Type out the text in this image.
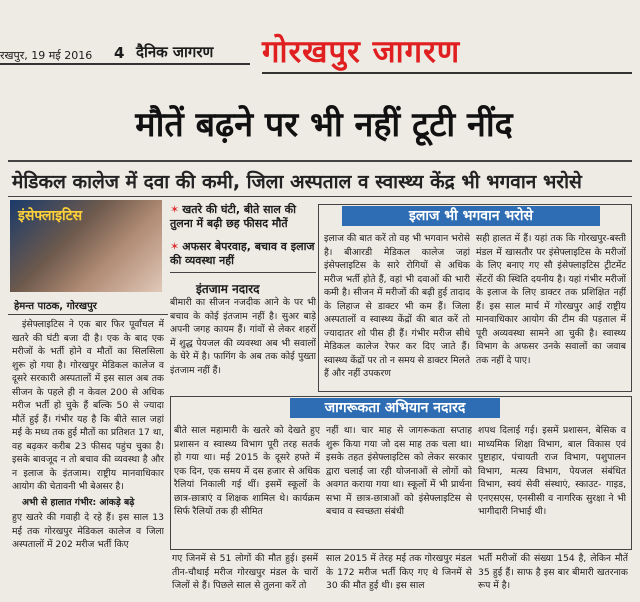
रखपुर, 19 मई 2016 4 दैनिक जागरण गोरखपुर जागरण
मौतें बढ़ने पर भी नहीं टूटी नींद
मेडिकल कालेज में दवा की कमी, जिला अस्पताल व स्वास्थ्य केंद्र भी भगवान भरोसे
इंसेफ्लाइटिस
हेमन्त पाठक, गोरखपुर
✶ खतरे की घंटी, बीते साल की तुलना में बढ़ी छह फीसद मौतें
✶ अफसर बेपरवाह, बचाव व इलाज की व्यवस्था नहीं
इंतजाम नदारद
बीमारी का सीजन नजदीक आने के पर भी बचाव के कोई इंतजाम नहीं है। सुअर बाड़े अपनी जगह कायम हैं। गांवों से लेकर शहरों में शुद्ध पेयजल की व्यवस्था अब भी सवालों के घेरे में है। फागिंग के अब तक कोई पुख्ता इंतजाम नहीं हैं।

इंसेफ्लाइटिस ने एक बार फिर पूर्वांचल में खतरे की घंटी बजा दी है। एक के बाद एक मरीजों के भर्ती होने व मौतों का सिलसिला शुरू हो गया है। गोरखपुर मेडिकल कालेज व दूसरे सरकारी अस्पतालों में इस साल अब तक सीजन के पहले ही न केवल 200 से अधिक मरीज भर्ती हो चुके हैं बल्कि 50 से ज्यादा मौतें हुई हैं। गंभीर यह है कि बीते साल जहां मई के मध्य तक हुई मौतों का प्रतिशत 17 था, वह बढ़कर करीब 23 फीसद पहुंच चुका है। इसके बावजूद न तो बचाव की व्यवस्था है और न इलाज के इंतजाम। राष्ट्रीय मानवाधिकार आयोग की चेतावनी भी बेअसर है।

अभी से हालात गंभीर: आंकड़े बढ़े

हुए खतरे की गवाही दे रहे हैं। इस साल 13 मई तक गोरखपुर मेडिकल कालेज व जिला अस्पतालों में 202 मरीज भर्ती किए

इलाज भी भगवान भरोसे
इलाज की बात करें तो वह भी भगवान भरोसे है। बीआरडी मेडिकल कालेज जहां इंसेफ्लाइटिस के सारे रोगियों से अधिक मरीज भर्ती होते हैं, वहां भी दवाओं की भारी कमी है। सीजन में मरीजों की बढ़ी हुई तादाद के लिहाज से डाक्टर भी कम हैं। जिला अस्पतालों व स्वास्थ्य केंद्रों की बात करें तो ज्यादातर शो पीस ही हैं। गंभीर मरीज सीधे मेडिकल कालेज रेफर कर दिए जाते हैं। स्वास्थ्य केंद्रों पर तो न समय से डाक्टर मिलते हैं और नहीं उपकरण
सही हालत में हैं। यहां तक कि गोरखपुर-बस्ती मंडल में खासतौर पर इंसेफ्लाइटिस के मरीजों के लिए बनाए गए सौ इंसेफ्लाइटिस ट्रीटमेंट सेंटरों की स्थिति दयनीय है। यहां गंभीर मरीजों के इलाज के लिए डाक्टर तक प्रशिक्षित नहीं हैं। इस साल मार्च में गोरखपुर आई राष्ट्रीय मानवाधिकार आयोग की टीम की पड़ताल में पूरी अव्यवस्था सामने आ चुकी है। स्वास्थ्य विभाग के अफसर उनके सवालों का जवाब तक नहीं दे पाए।
जागरूकता अभियान नदारद
बीते साल महामारी के खतरे को देखते हुए प्रशासन व स्वास्थ्य विभाग पूरी तरह सतर्क हो गया था। मई 2015 के दूसरे हफ्ते में एक दिन, एक समय में दस हजार से अधिक रैलियां निकाली गई थीं। इसमें स्कूलों के छात्र-छात्राएं व शिक्षक शामिल थे। कार्यक्रम सिर्फ रैलियों तक ही सीमित
नहीं था। चार माह से जागरूकता सप्ताह शुरू किया गया जो दस माह तक चला था। इसके तहत इंसेफ्लाइटिस को लेकर सरकार द्वारा चलाई जा रही योजनाओं से लोगों को अवगत कराया गया था। स्कूलों में भी प्रार्थना सभा में छात्र-छात्राओं को इंसेफ्लाइटिस से बचाव व स्वच्छता संबंधी
शपथ दिलाई गई। इसमें प्रशासन, बेसिक व माध्यमिक शिक्षा विभाग, बाल विकास एवं पुष्टाहार, पंचायती राज विभाग, पशुपालन विभाग, मत्स्य विभाग, पेयजल संबंधित विभाग, स्वयं सेवी संस्थाएं, स्काउट- गाइड, एनएसएस, एनसीसी व नागरिक सुरक्षा ने भी भागीदारी निभाई थी।
गए जिनमें से 51 लोगों की मौत हुई। इसमें तीन-चौथाई मरीज गोरखपुर मंडल के चारों जिलों से हैं। पिछले साल से तुलना करें तो
साल 2015 में तेरह मई तक गोरखपुर मंडल के 172 मरीज भर्ती किए गए थे जिनमें से 30 की मौत हुई थी। इस साल
भर्ती मरीजों की संख्या 154 है, लेकिन मौतें 35 हुई हैं। साफ है इस बार बीमारी खतरनाक रूप में है।
